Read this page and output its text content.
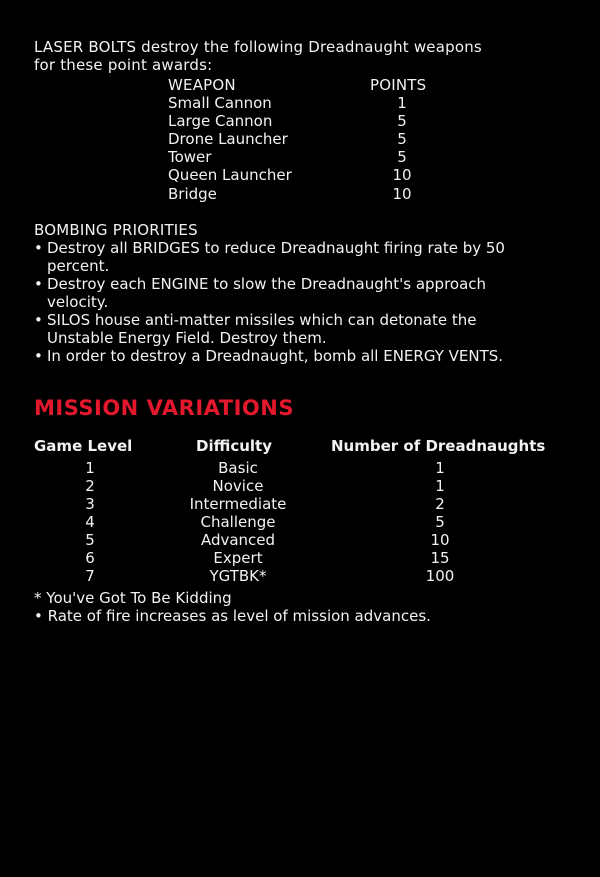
LASER BOLTS destroy the following Dreadnaught weapons
for these point awards:
WEAPON	POINTS
Small Cannon	1
Large Cannon	5
Drone Launcher	5
Tower	5
Queen Launcher	10
Bridge	10
BOMBING PRIORITIES
• Destroy all BRIDGES to reduce Dreadnaught firing rate by 50
percent.
• Destroy each ENGINE to slow the Dreadnaught's approach
velocity.
• SILOS house anti-matter missiles which can detonate the
Unstable Energy Field. Destroy them.
• In order to destroy a Dreadnaught, bomb all ENERGY VENTS.
MISSION VARIATIONS
Game Level	Difficulty	Number of Dreadnaughts
1	Basic	1
2	Novice	1
3	Intermediate	2
4	Challenge	5
5	Advanced	10
6	Expert	15
7	YGTBK*	100
* You've Got To Be Kidding
• Rate of fire increases as level of mission advances.
